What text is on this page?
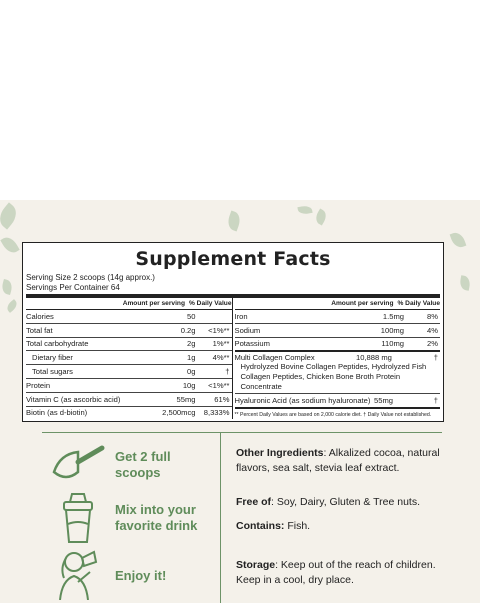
Supplement Facts
Serving Size 2 scoops (14g approx.)
Servings Per Container 64
Amount per serving % Daily Value
Calories	50
Total fat	0.2g	<1%**
Total carbohydrate	2g	1%**
Dietary fiber	1g	4%**
Total sugars	0g	†
Protein	10g	<1%**
Vitamin C (as ascorbic acid)	55mg	61%
Biotin (as d-biotin)	2,500mcg	8,333%
Amount per serving % Daily Value
Iron	1.5mg	8%
Sodium	100mg	4%
Potassium	110mg	2%
Multi Collagen Complex	10,888 mg	†
Hydrolyzed Bovine Collagen Peptides, Hydrolyzed Fish Collagen Peptides, Chicken Bone Broth Protein Concentrate
Hyaluronic Acid (as sodium hyaluronate) 55mg	†
** Percent Daily Values are based on 2,000 calorie diet. † Daily Value not established.
Get 2 full
scoops
Mix into your
favorite drink
Enjoy it!
Other Ingredients: Alkalized cocoa, natural flavors, sea salt, stevia leaf extract.
Free of: Soy, Dairy, Gluten & Tree nuts.
Contains: Fish.
Storage: Keep out of the reach of children. Keep in a cool, dry place.
